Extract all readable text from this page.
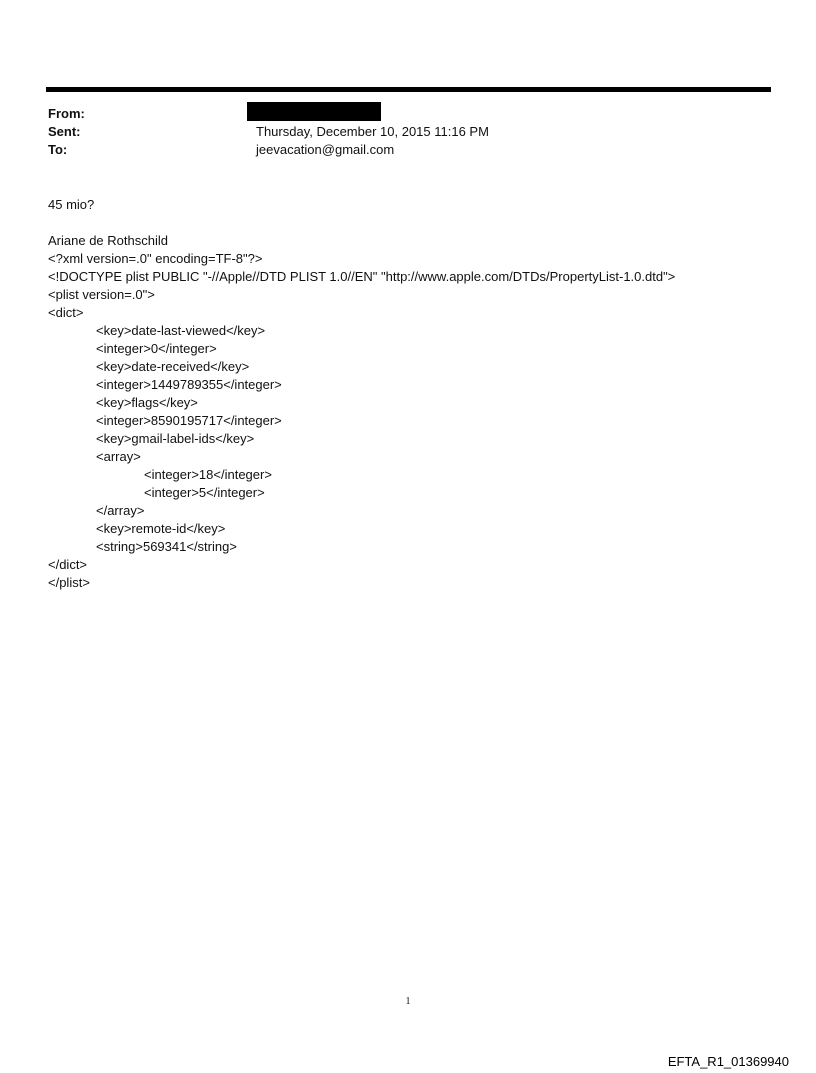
From:
Sent:	Thursday, December 10, 2015 11:16 PM
To:	jeevacation@gmail.com
45 mio?
Ariane de Rothschild
<?xml version=.0" encoding=TF-8"?>
<!DOCTYPE plist PUBLIC "-//Apple//DTD PLIST 1.0//EN" "http://www.apple.com/DTDs/PropertyList-1.0.dtd">
<plist version=.0">
<dict>
<key>date-last-viewed</key>
<integer>0</integer>
<key>date-received</key>
<integer>1449789355</integer>
<key>flags</key>
<integer>8590195717</integer>
<key>gmail-label-ids</key>
<array>
<integer>18</integer>
<integer>5</integer>
</array>
<key>remote-id</key>
<string>569341</string>
</dict>
</plist>
1
EFTA_R1_01369940
